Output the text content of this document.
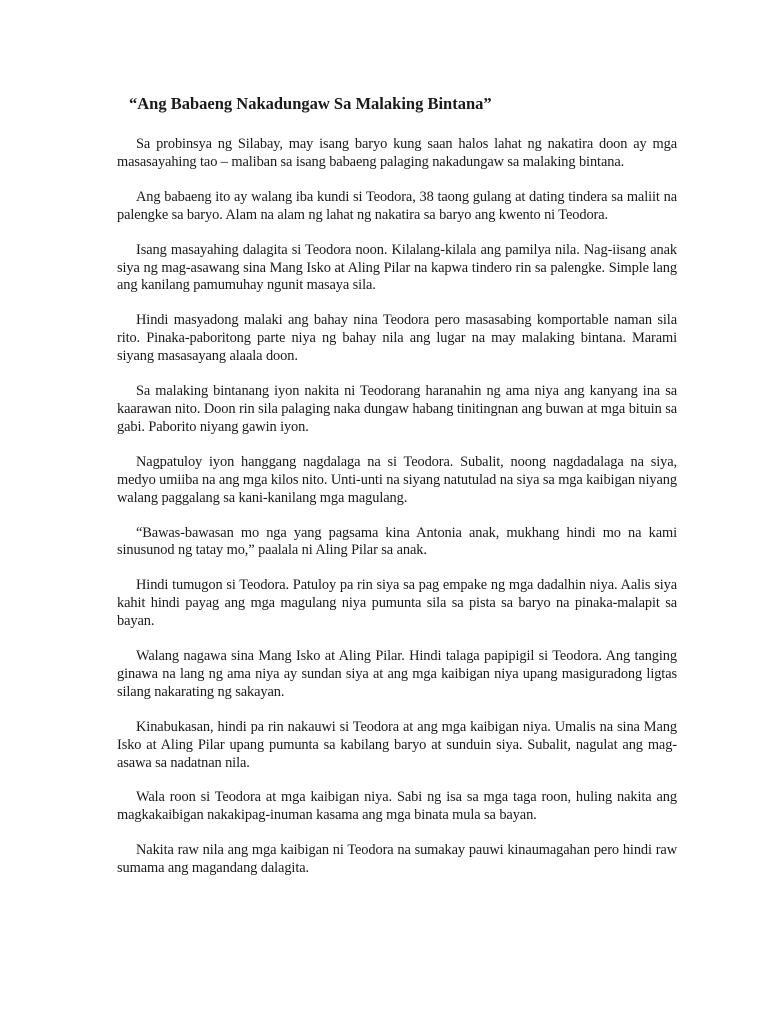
“Ang Babaeng Nakadungaw Sa Malaking Bintana”

Sa probinsya ng Silabay, may isang baryo kung saan halos lahat ng nakatira doon ay mga masasayahing tao – maliban sa isang babaeng palaging nakadungaw sa malaking bintana.

Ang babaeng ito ay walang iba kundi si Teodora, 38 taong gulang at dating tindera sa maliit na palengke sa baryo. Alam na alam ng lahat ng nakatira sa baryo ang kwento ni Teodora.

Isang masayahing dalagita si Teodora noon. Kilalang-kilala ang pamilya nila. Nag-iisang anak siya ng mag-asawang sina Mang Isko at Aling Pilar na kapwa tindero rin sa palengke. Simple lang ang kanilang pamumuhay ngunit masaya sila.

Hindi masyadong malaki ang bahay nina Teodora pero masasabing komportable naman sila rito. Pinaka-paboritong parte niya ng bahay nila ang lugar na may malaking bintana. Marami siyang masasayang alaala doon.

Sa malaking bintanang iyon nakita ni Teodorang haranahin ng ama niya ang kanyang ina sa kaarawan nito. Doon rin sila palaging naka dungaw habang tinitingnan ang buwan at mga bituin sa gabi. Paborito niyang gawin iyon.

Nagpatuloy iyon hanggang nagdalaga na si Teodora. Subalit, noong nagdadalaga na siya, medyo umiiba na ang mga kilos nito. Unti-unti na siyang natutulad na siya sa mga kaibigan niyang walang paggalang sa kani-kanilang mga magulang.

“Bawas-bawasan mo nga yang pagsama kina Antonia anak, mukhang hindi mo na kami sinusunod ng tatay mo,” paalala ni Aling Pilar sa anak.

Hindi tumugon si Teodora. Patuloy pa rin siya sa pag empake ng mga dadalhin niya. Aalis siya kahit hindi payag ang mga magulang niya pumunta sila sa pista sa baryo na pinaka-malapit sa bayan.

Walang nagawa sina Mang Isko at Aling Pilar. Hindi talaga papipigil si Teodora. Ang tanging ginawa na lang ng ama niya ay sundan siya at ang mga kaibigan niya upang masiguradong ligtas silang nakarating ng sakayan.

Kinabukasan, hindi pa rin nakauwi si Teodora at ang mga kaibigan niya. Umalis na sina Mang Isko at Aling Pilar upang pumunta sa kabilang baryo at sunduin siya. Subalit, nagulat ang mag-asawa sa nadatnan nila.

Wala roon si Teodora at mga kaibigan niya. Sabi ng isa sa mga taga roon, huling nakita ang magkakaibigan nakakipag-inuman kasama ang mga binata mula sa bayan.

Nakita raw nila ang mga kaibigan ni Teodora na sumakay pauwi kinaumagahan pero hindi raw sumama ang magandang dalagita.
